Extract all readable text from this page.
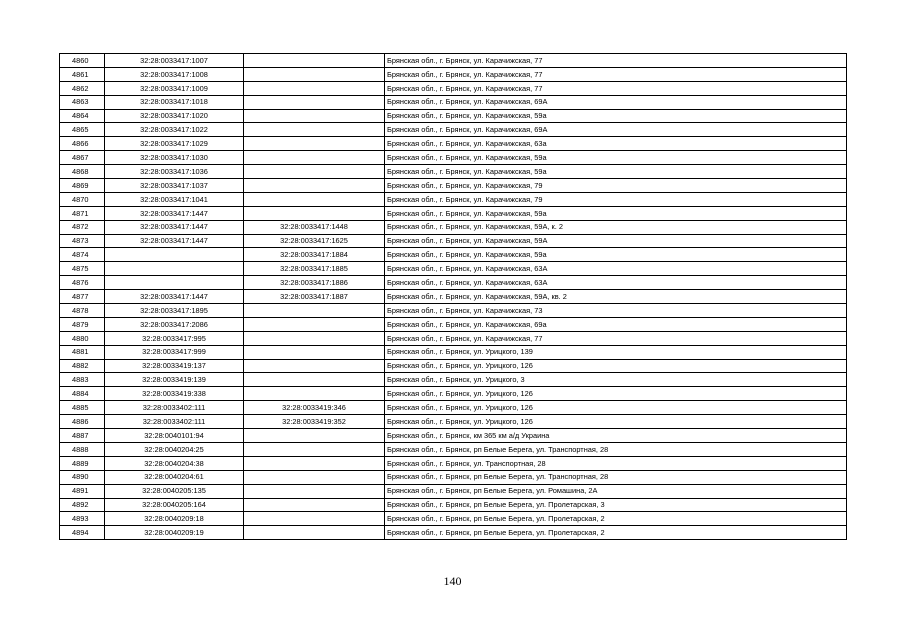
4860	32:28:0033417:1007		Брянская обл., г. Брянск, ул. Карачижская, 77
4861	32:28:0033417:1008		Брянская обл., г. Брянск, ул. Карачижская, 77
4862	32:28:0033417:1009		Брянская обл., г. Брянск, ул. Карачижская, 77
4863	32:28:0033417:1018		Брянская обл., г. Брянск, ул. Карачижская, 69А
4864	32:28:0033417:1020		Брянская обл., г. Брянск, ул. Карачижская, 59а
4865	32:28:0033417:1022		Брянская обл., г. Брянск, ул. Карачижская, 69А
4866	32:28:0033417:1029		Брянская обл., г. Брянск, ул. Карачижская, 63а
4867	32:28:0033417:1030		Брянская обл., г. Брянск, ул. Карачижская, 59а
4868	32:28:0033417:1036		Брянская обл., г. Брянск, ул. Карачижская, 59а
4869	32:28:0033417:1037		Брянская обл., г. Брянск, ул. Карачижская, 79
4870	32:28:0033417:1041		Брянская обл., г. Брянск, ул. Карачижская, 79
4871	32:28:0033417:1447		Брянская обл., г. Брянск, ул. Карачижская, 59а
4872	32:28:0033417:1447	32:28:0033417:1448	Брянская обл., г. Брянск, ул. Карачижская, 59А, к. 2
4873	32:28:0033417:1447	32:28:0033417:1625	Брянская обл., г. Брянск, ул. Карачижская, 59А
4874		32:28:0033417:1884	Брянская обл., г. Брянск, ул. Карачижская, 59а
4875		32:28:0033417:1885	Брянская обл., г. Брянск, ул. Карачижская, 63А
4876		32:28:0033417:1886	Брянская обл., г. Брянск, ул. Карачижская, 63А
4877	32:28:0033417:1447	32:28:0033417:1887	Брянская обл., г. Брянск, ул. Карачижская, 59А, кв. 2
4878	32:28:0033417:1895		Брянская обл., г. Брянск, ул. Карачижская, 73
4879	32:28:0033417:2086		Брянская обл., г. Брянск, ул. Карачижская, 69а
4880	32:28:0033417:995		Брянская обл., г. Брянск, ул. Карачижская, 77
4881	32:28:0033417:999		Брянская обл., г. Брянск, ул. Урицкого, 139
4882	32:28:0033419:137		Брянская обл., г. Брянск, ул. Урицкого, 126
4883	32:28:0033419:139		Брянская обл., г. Брянск, ул. Урицкого, 3
4884	32:28:0033419:338		Брянская обл., г. Брянск, ул. Урицкого, 126
4885	32:28:0033402:111	32:28:0033419:346	Брянская обл., г. Брянск, ул. Урицкого, 126
4886	32:28:0033402:111	32:28:0033419:352	Брянская обл., г. Брянск, ул. Урицкого, 126
4887	32:28:0040101:94		Брянская обл., г. Брянск, км 365 км а/д Украина
4888	32:28:0040204:25		Брянская обл., г. Брянск, рп Белые Берега, ул. Транспортная, 28
4889	32:28:0040204:38		Брянская обл., г. Брянск, ул. Транспортная, 28
4890	32:28:0040204:61		Брянская обл., г. Брянск, рп Белые Берега, ул. Транспортная, 28
4891	32:28:0040205:135		Брянская обл., г. Брянск, рп Белые Берега, ул. Ромашина, 2А
4892	32:28:0040205:164		Брянская обл., г. Брянск, рп Белые Берега, ул. Пролетарская, 3
4893	32:28:0040209:18		Брянская обл., г. Брянск, рп Белые Берега, ул. Пролетарская, 2
4894	32:28:0040209:19		Брянская обл., г. Брянск, рп Белые Берега, ул. Пролетарская, 2
140
